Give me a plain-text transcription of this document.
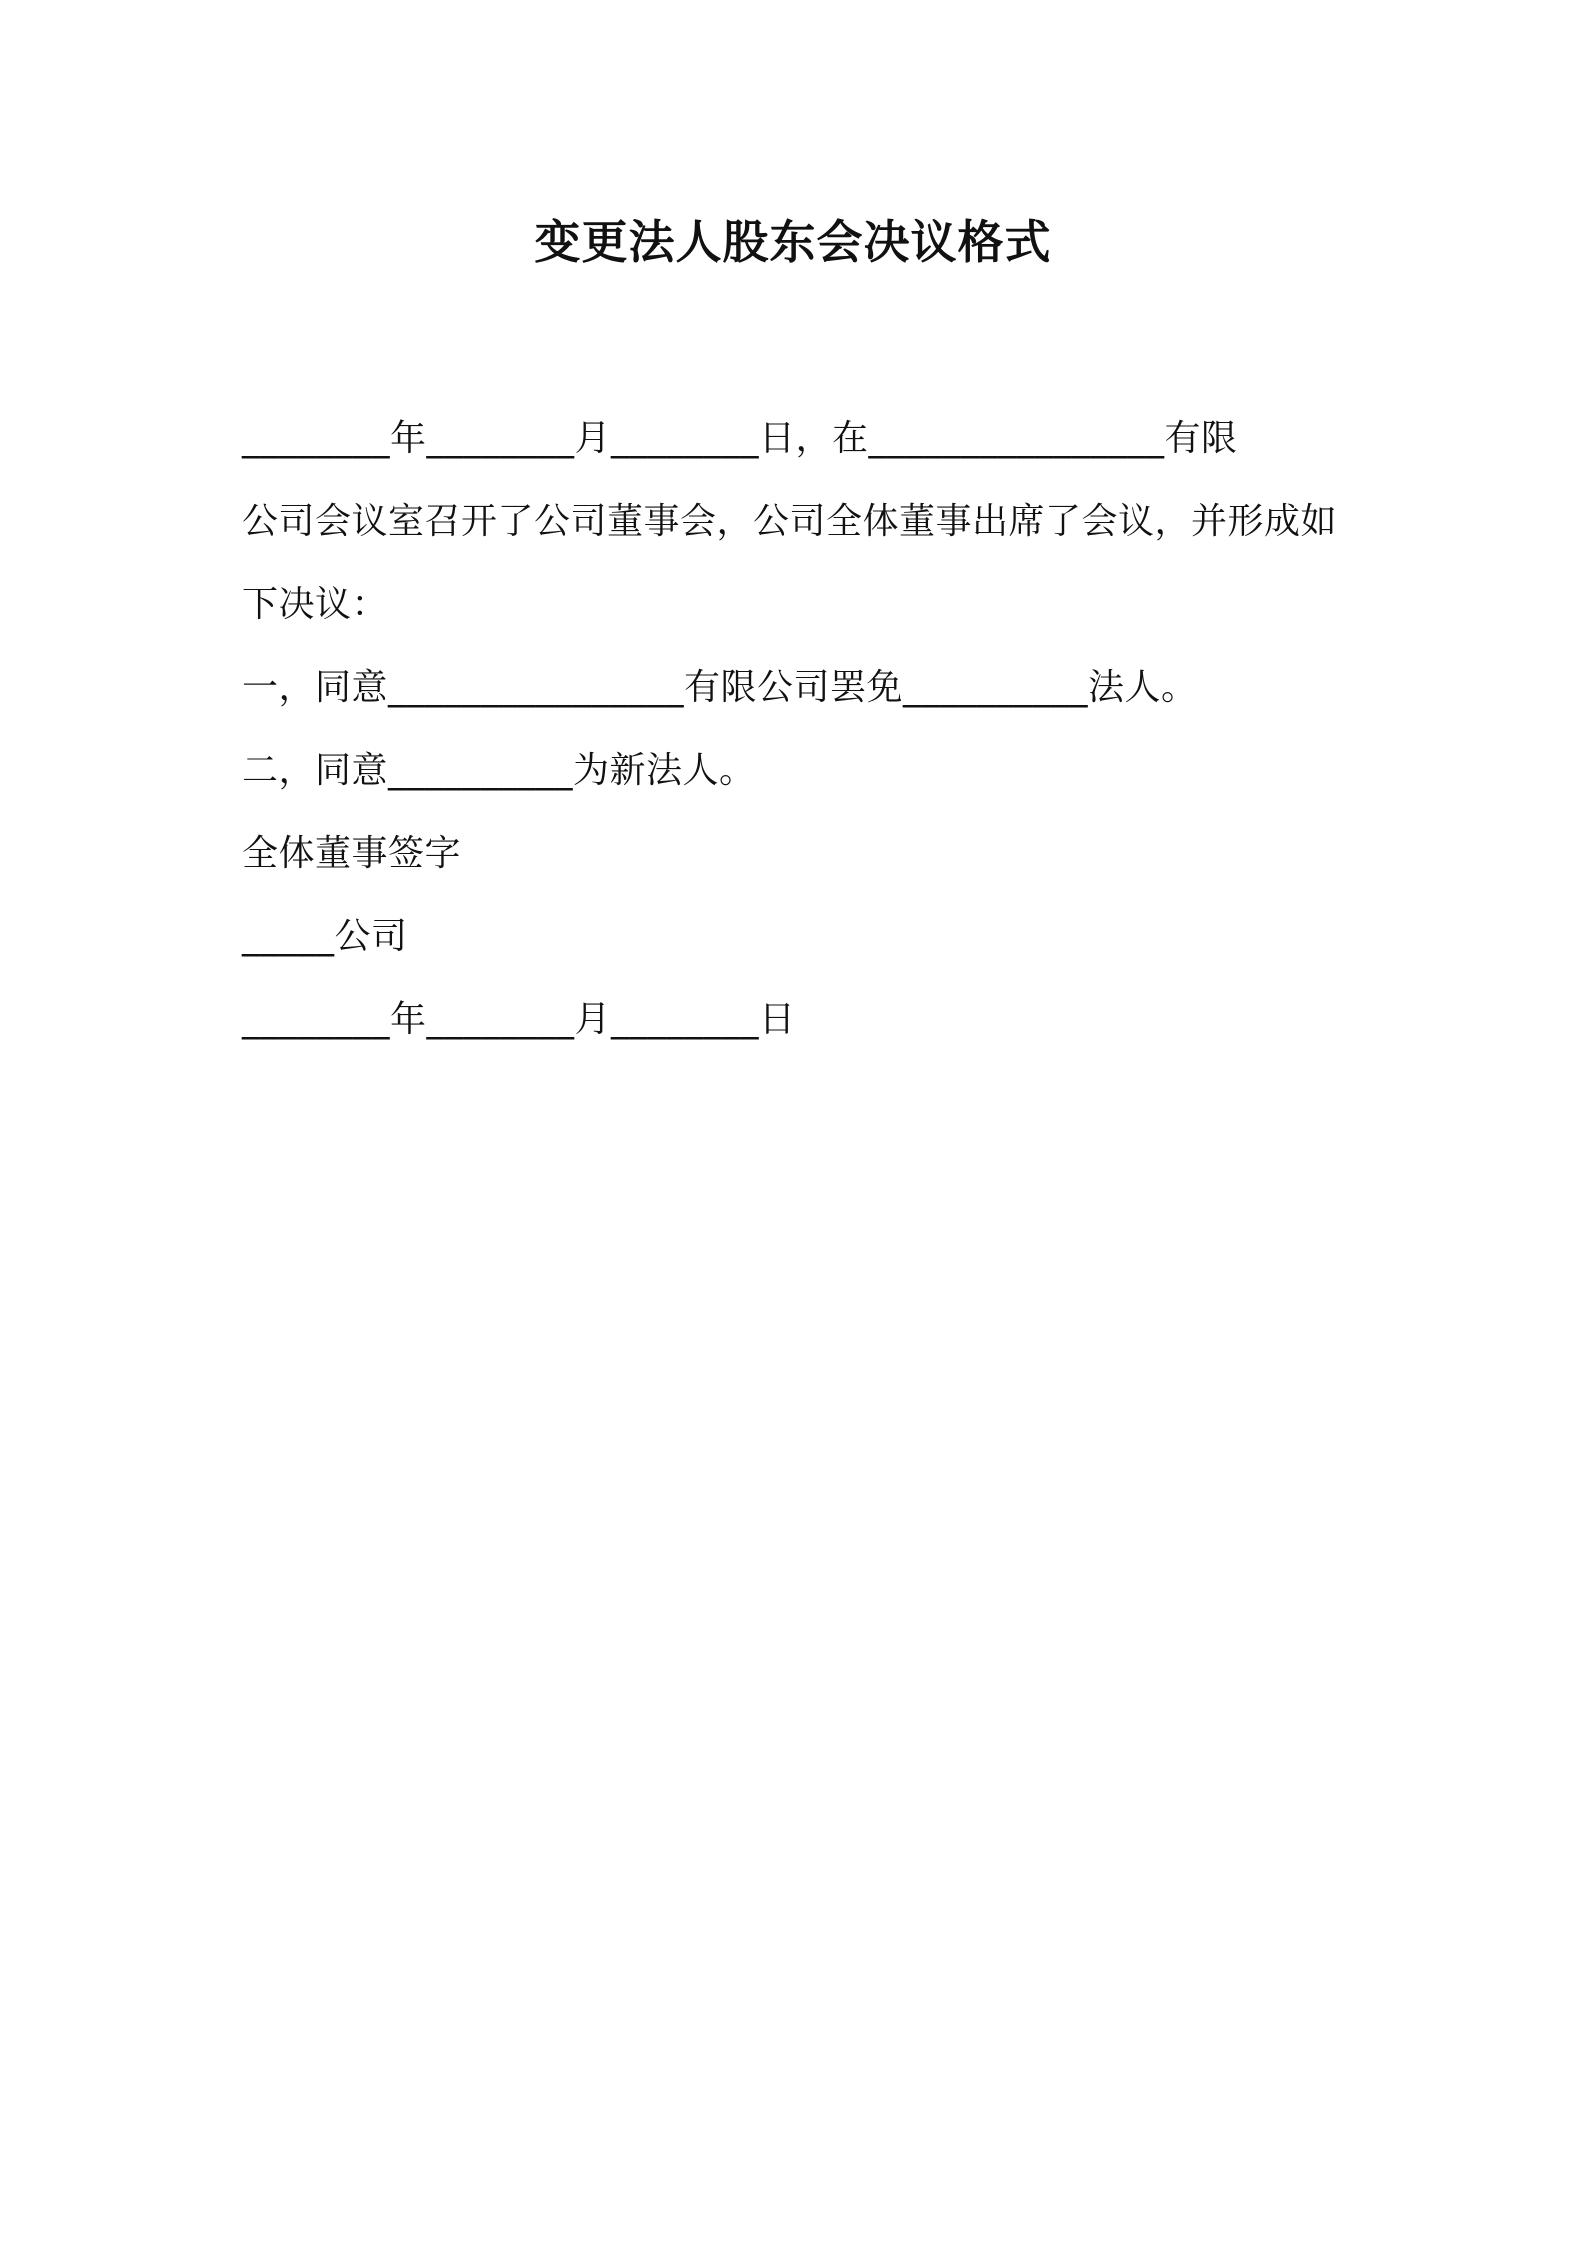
变更法人股东会决议格式
________年________月________日，在________________有限
公司会议室召开了公司董事会，公司全体董事出席了会议，并形成如
下决议：
一，同意________________有限公司罢免__________法人。
二，同意__________为新法人。
全体董事签字
_____公司
________年________月________日
